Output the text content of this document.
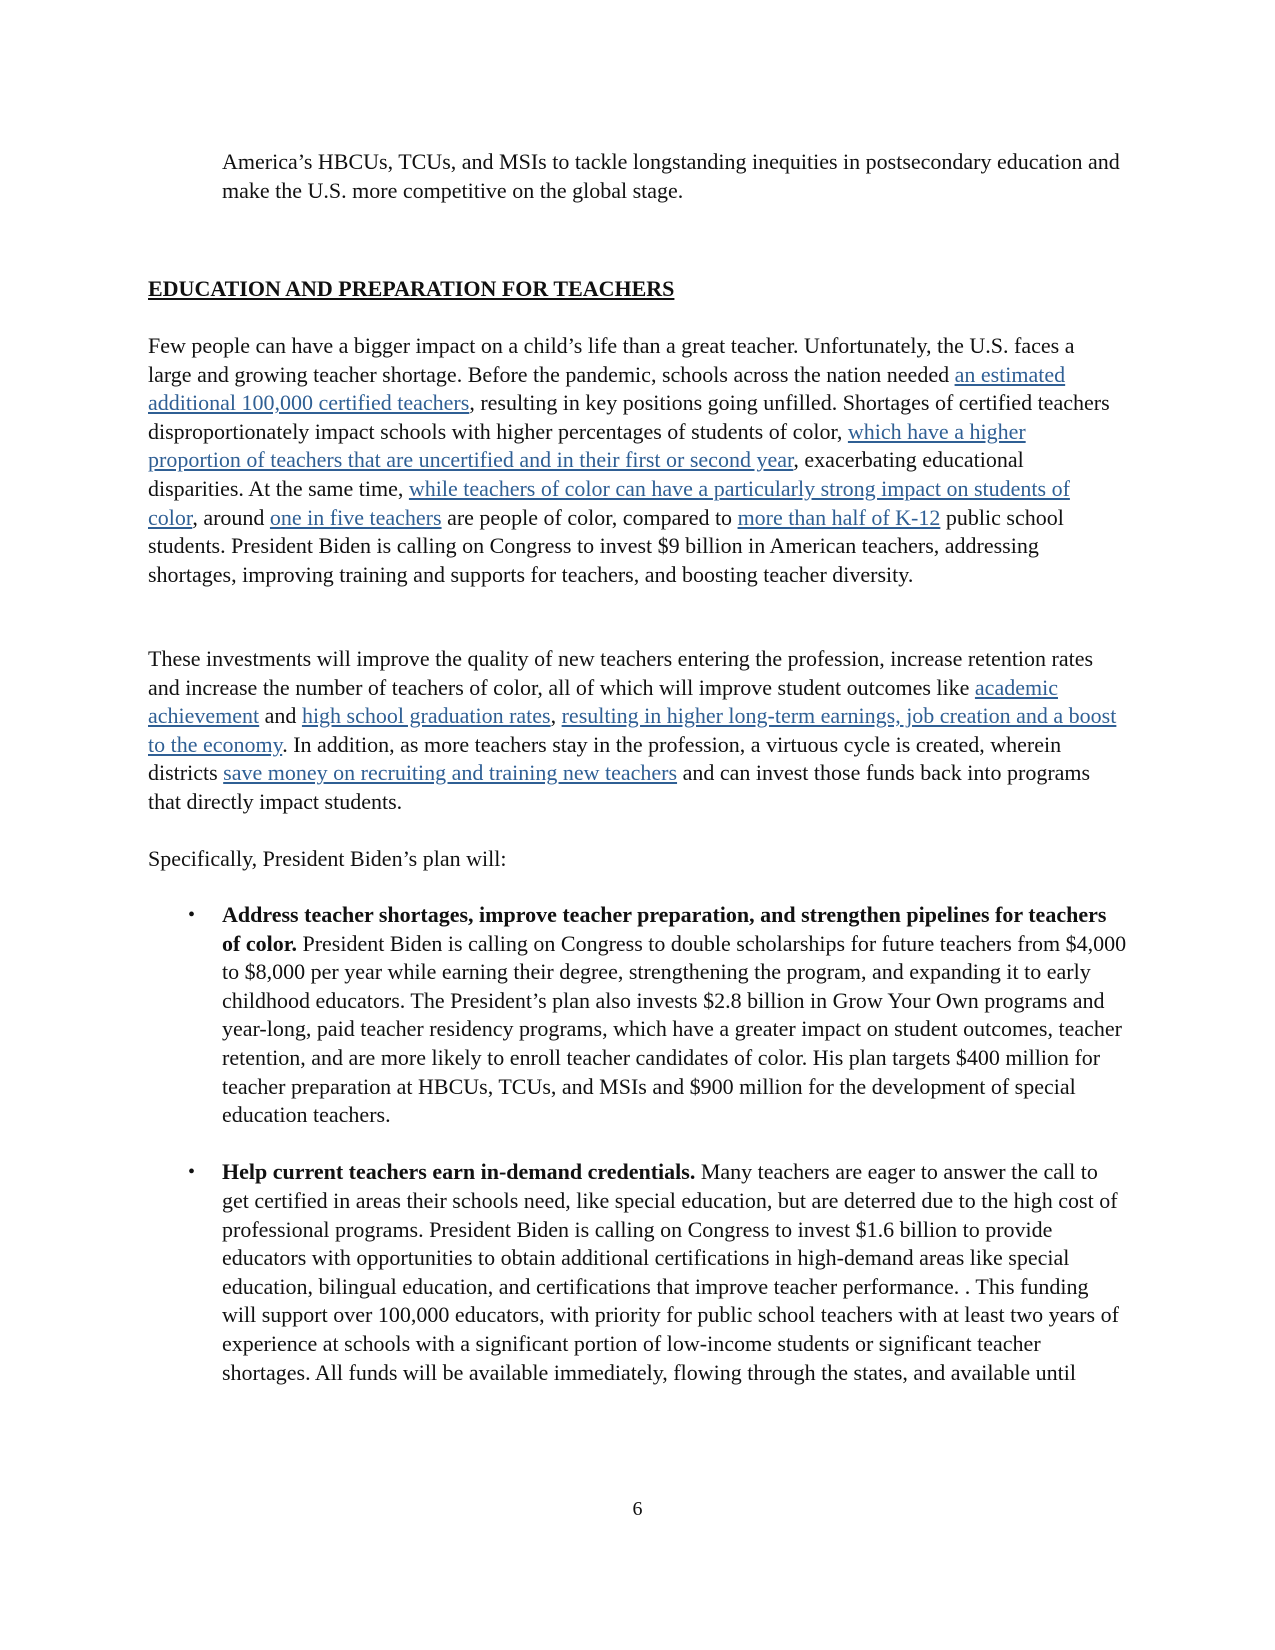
America’s HBCUs, TCUs, and MSIs to tackle longstanding inequities in postsecondary education and make the U.S. more competitive on the global stage.
EDUCATION AND PREPARATION FOR TEACHERS
Few people can have a bigger impact on a child’s life than a great teacher. Unfortunately, the U.S. faces a large and growing teacher shortage. Before the pandemic, schools across the nation needed an estimated additional 100,000 certified teachers, resulting in key positions going unfilled. Shortages of certified teachers disproportionately impact schools with higher percentages of students of color, which have a higher proportion of teachers that are uncertified and in their first or second year, exacerbating educational disparities. At the same time, while teachers of color can have a particularly strong impact on students of color, around one in five teachers are people of color, compared to more than half of K-12 public school students. President Biden is calling on Congress to invest $9 billion in American teachers, addressing shortages, improving training and supports for teachers, and boosting teacher diversity.
These investments will improve the quality of new teachers entering the profession, increase retention rates and increase the number of teachers of color, all of which will improve student outcomes like academic achievement and high school graduation rates, resulting in higher long-term earnings, job creation and a boost to the economy. In addition, as more teachers stay in the profession, a virtuous cycle is created, wherein districts save money on recruiting and training new teachers and can invest those funds back into programs that directly impact students.
Specifically, President Biden’s plan will:
• Address teacher shortages, improve teacher preparation, and strengthen pipelines for teachers of color. President Biden is calling on Congress to double scholarships for future teachers from $4,000 to $8,000 per year while earning their degree, strengthening the program, and expanding it to early childhood educators. The President’s plan also invests $2.8 billion in Grow Your Own programs and year-long, paid teacher residency programs, which have a greater impact on student outcomes, teacher retention, and are more likely to enroll teacher candidates of color. His plan targets $400 million for teacher preparation at HBCUs, TCUs, and MSIs and $900 million for the development of special education teachers.
• Help current teachers earn in-demand credentials. Many teachers are eager to answer the call to get certified in areas their schools need, like special education, but are deterred due to the high cost of professional programs. President Biden is calling on Congress to invest $1.6 billion to provide educators with opportunities to obtain additional certifications in high-demand areas like special education, bilingual education, and certifications that improve teacher performance. . This funding will support over 100,000 educators, with priority for public school teachers with at least two years of experience at schools with a significant portion of low-income students or significant teacher shortages. All funds will be available immediately, flowing through the states, and available until
6
